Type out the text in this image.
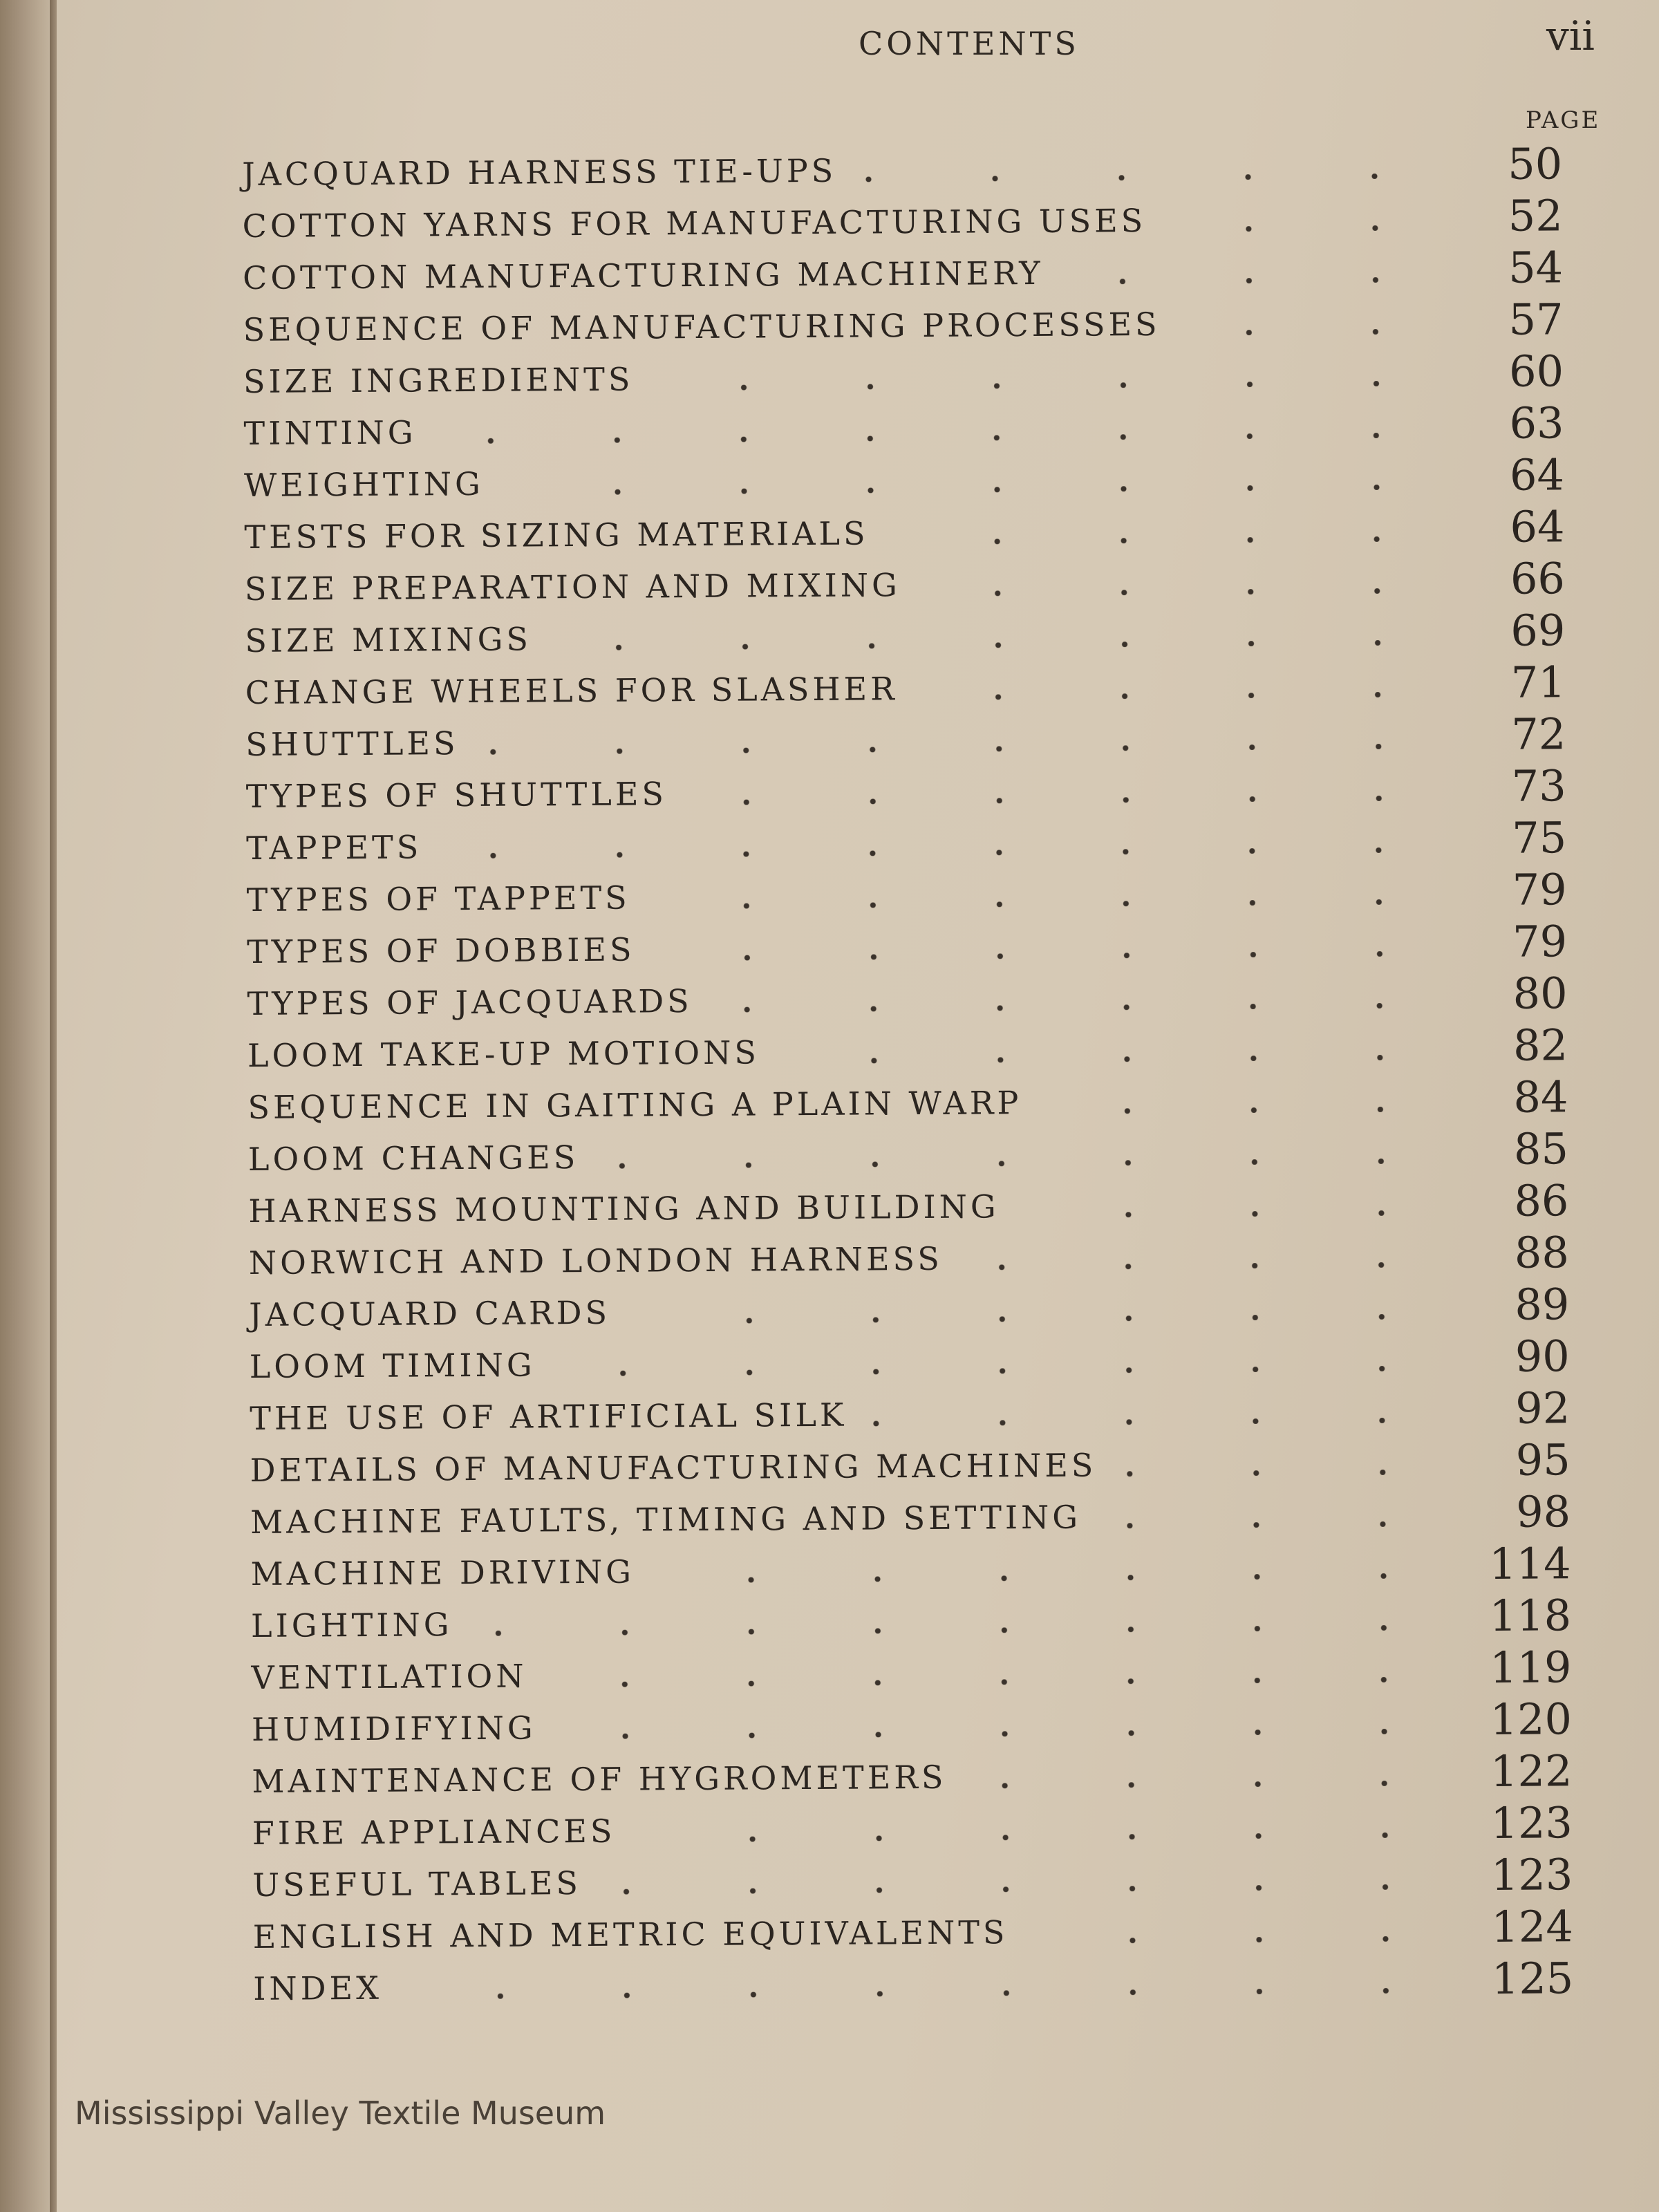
CONTENTS	vii
PAGE
JACQUARD HARNESS TIE-UPS	50
COTTON YARNS FOR MANUFACTURING USES	52
COTTON MANUFACTURING MACHINERY	54
SEQUENCE OF MANUFACTURING PROCESSES	57
SIZE INGREDIENTS	60
TINTING	63
WEIGHTING	64
TESTS FOR SIZING MATERIALS	64
SIZE PREPARATION AND MIXING	66
SIZE MIXINGS	69
CHANGE WHEELS FOR SLASHER	71
SHUTTLES	72
TYPES OF SHUTTLES	73
TAPPETS	75
TYPES OF TAPPETS	79
TYPES OF DOBBIES	79
TYPES OF JACQUARDS	80
LOOM TAKE-UP MOTIONS	82
SEQUENCE IN GAITING A PLAIN WARP	84
LOOM CHANGES	85
HARNESS MOUNTING AND BUILDING	86
NORWICH AND LONDON HARNESS	88
JACQUARD CARDS	89
LOOM TIMING	90
THE USE OF ARTIFICIAL SILK	92
DETAILS OF MANUFACTURING MACHINES	95
MACHINE FAULTS, TIMING AND SETTING	98
MACHINE DRIVING	114
LIGHTING	118
VENTILATION	119
HUMIDIFYING	120
MAINTENANCE OF HYGROMETERS	122
FIRE APPLIANCES	123
USEFUL TABLES	123
ENGLISH AND METRIC EQUIVALENTS	124
INDEX	125
Mississippi Valley Textile Museum
